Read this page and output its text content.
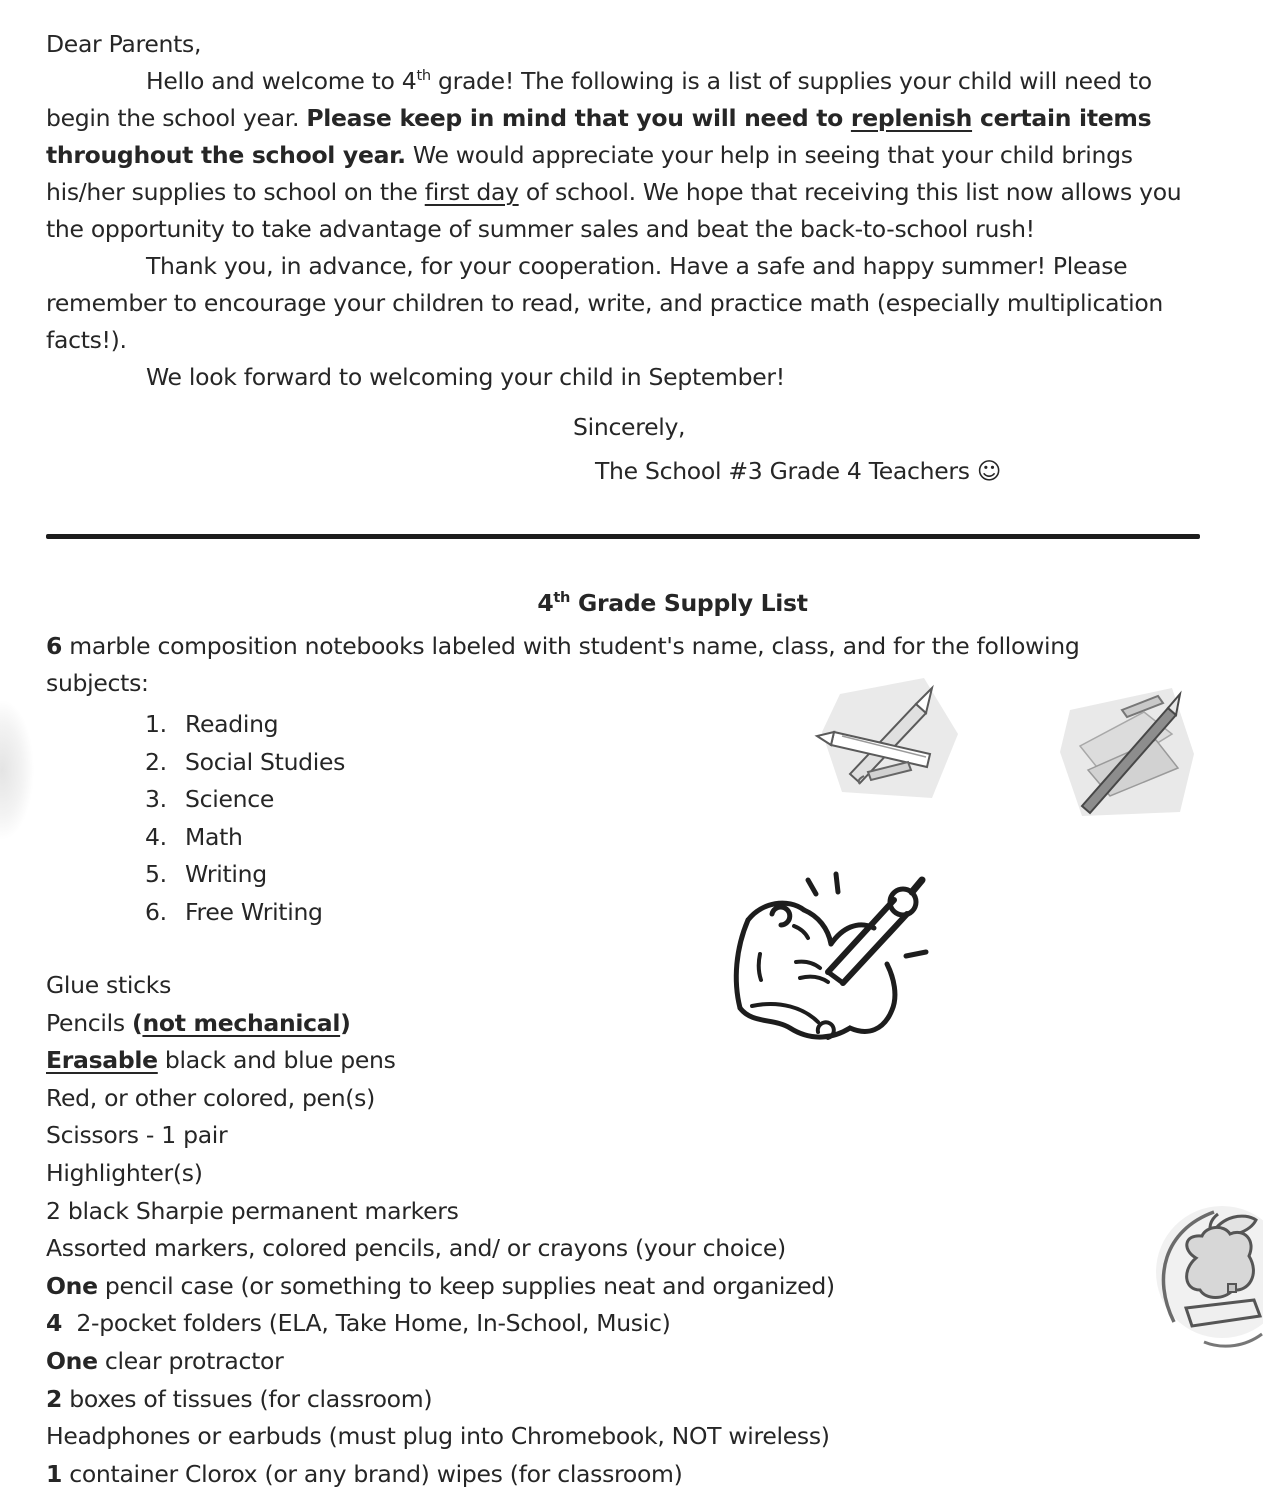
Dear Parents,

Hello and welcome to 4th grade! The following is a list of supplies your child will need to begin the school year. Please keep in mind that you will need to replenish certain items throughout the school year. We would appreciate your help in seeing that your child brings his/her supplies to school on the first day of school. We hope that receiving this list now allows you the opportunity to take advantage of summer sales and beat the back-to-school rush!

Thank you, in advance, for your cooperation. Have a safe and happy summer! Please remember to encourage your children to read, write, and practice math (especially multiplication facts!).

We look forward to welcoming your child in September!

Sincerely,

The School #3 Grade 4 Teachers ☺

4th Grade Supply List

6 marble composition notebooks labeled with student's name, class, and for the following subjects:

1. Reading
2. Social Studies
3. Science
4. Math
5. Writing
6. Free Writing
Glue sticks
Pencils (not mechanical)
Erasable black and blue pens
Red, or other colored, pen(s)
Scissors - 1 pair
Highlighter(s)
2 black Sharpie permanent markers
Assorted markers, colored pencils, and/ or crayons (your choice)
One pencil case (or something to keep supplies neat and organized)
4  2-pocket folders (ELA, Take Home, In-School, Music)
One clear protractor
2 boxes of tissues (for classroom)
Headphones or earbuds (must plug into Chromebook, NOT wireless)
1 container Clorox (or any brand) wipes (for classroom)
